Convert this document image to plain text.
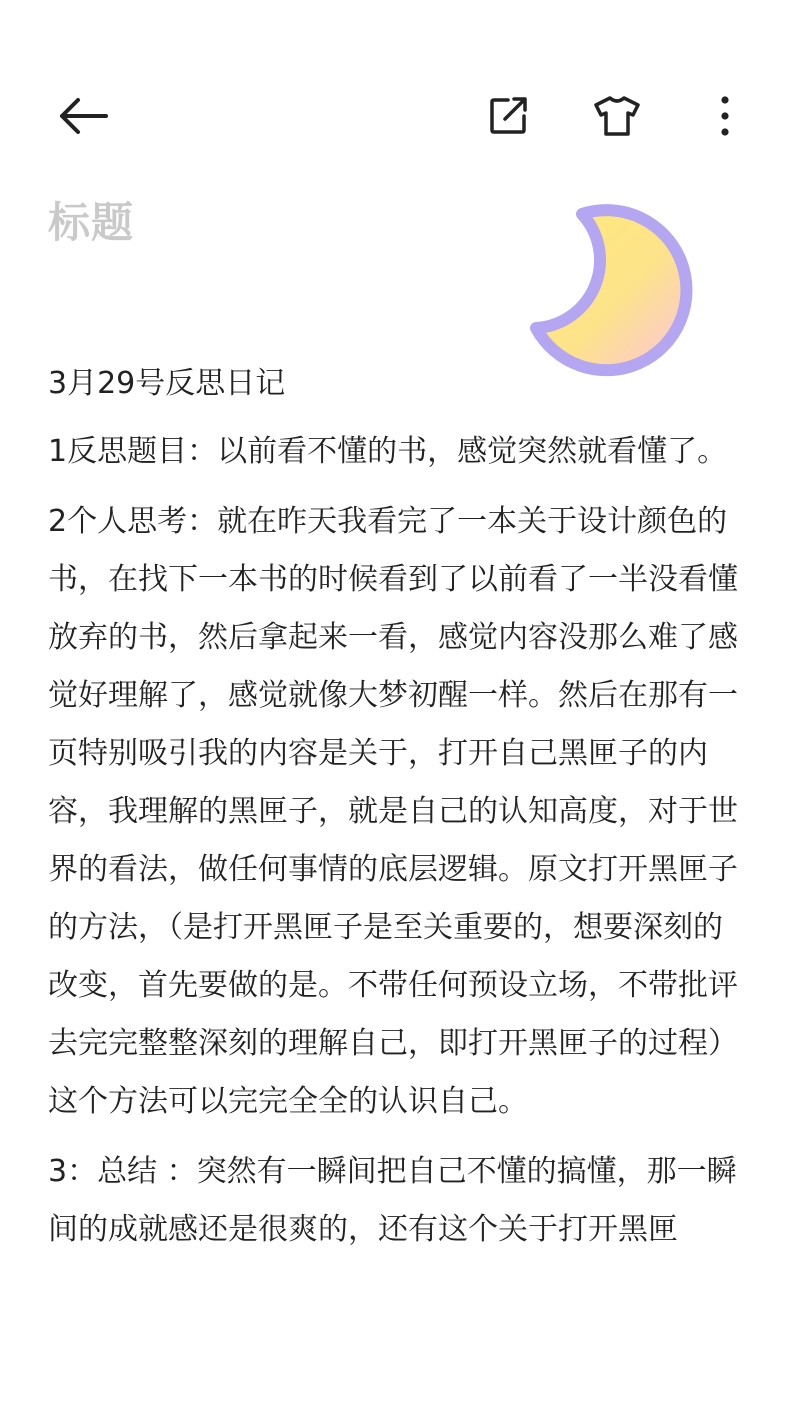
标题

3月29号反思日记

1反思题目：以前看不懂的书，感觉突然就看懂了。

2个人思考：就在昨天我看完了一本关于设计颜色的书，在找下一本书的时候看到了以前看了一半没看懂放弃的书，然后拿起来一看，感觉内容没那么难了感觉好理解了，感觉就像大梦初醒一样。然后在那有一页特别吸引我的内容是关于，打开自己黑匣子的内容，我理解的黑匣子，就是自己的认知高度，对于世界的看法，做任何事情的底层逻辑。原文打开黑匣子的方法，（是打开黑匣子是至关重要的，想要深刻的改变，首先要做的是。不带任何预设立场，不带批评去完完整整深刻的理解自己，即打开黑匣子的过程）这个方法可以完完全全的认识自己。

3：总结 ：突然有一瞬间把自己不懂的搞懂，那一瞬间的成就感还是很爽的，还有这个关于打开黑匣
